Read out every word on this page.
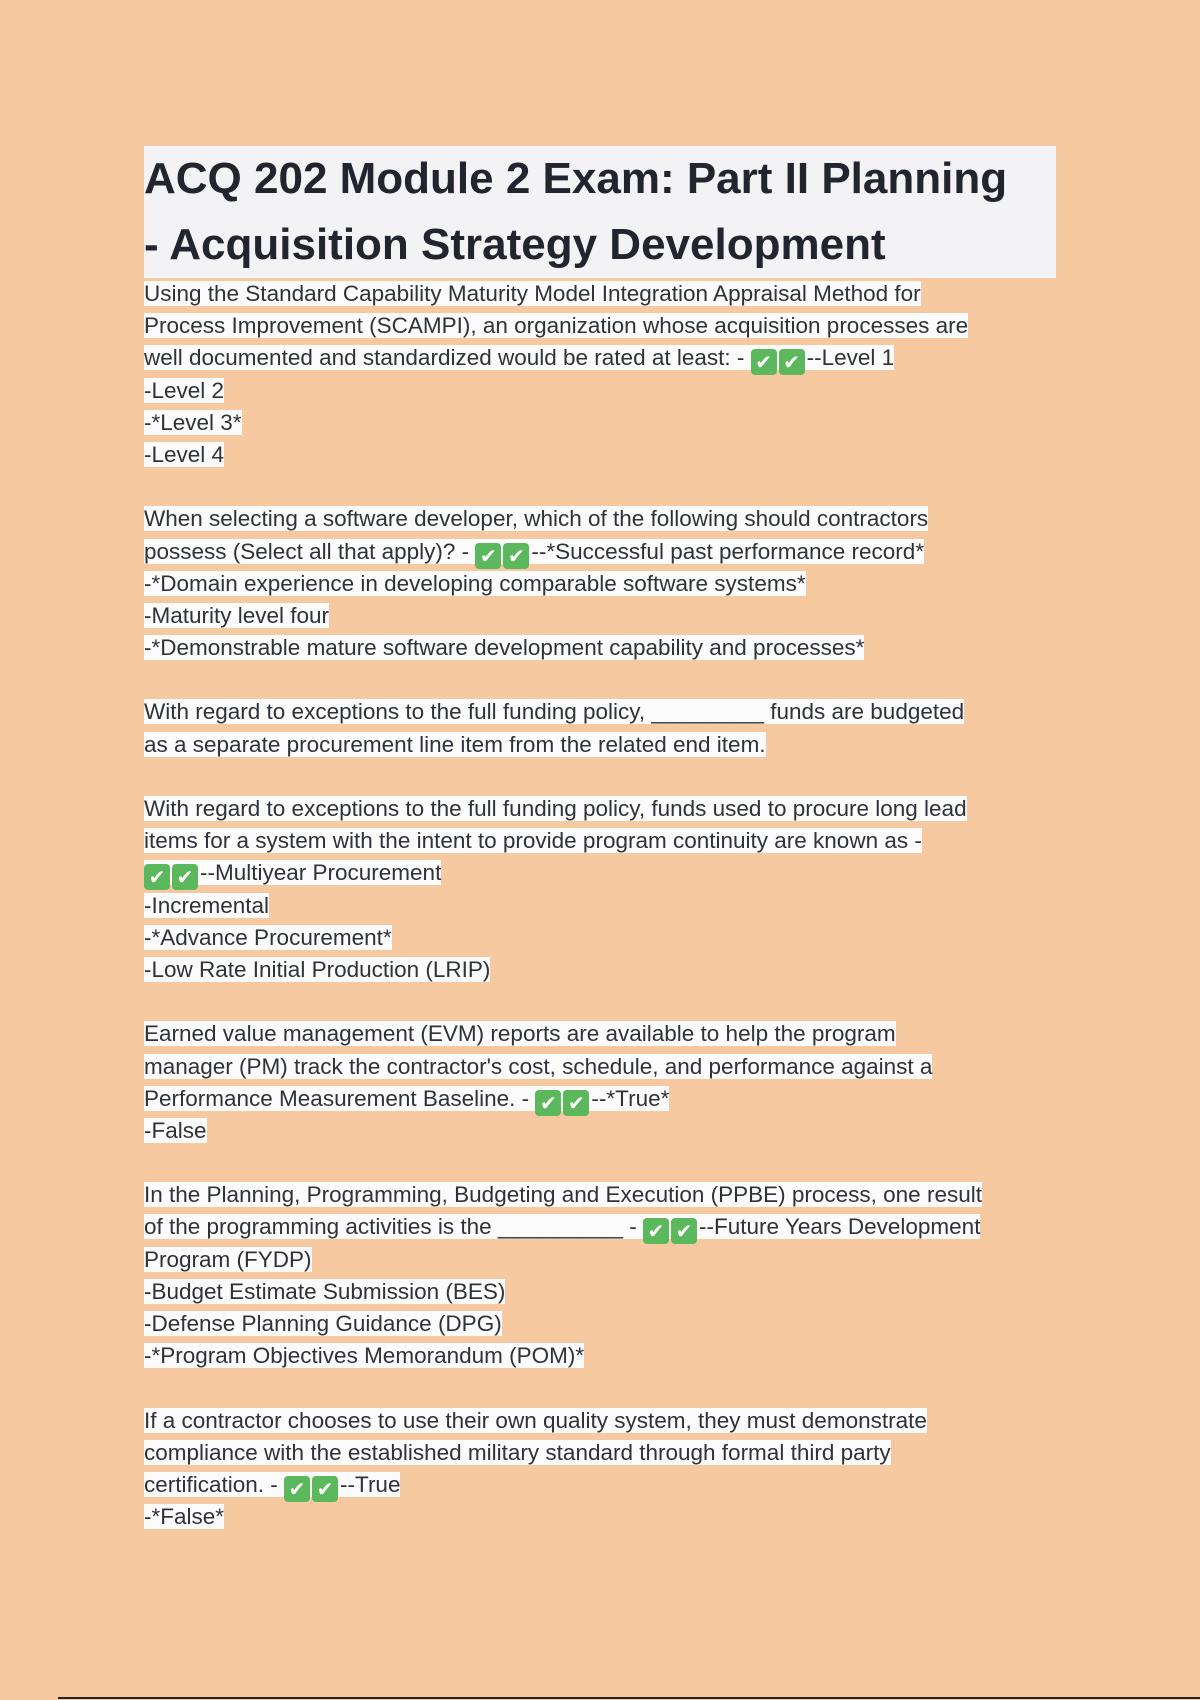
ACQ 202 Module 2 Exam: Part II Planning
- Acquisition Strategy Development
Using the Standard Capability Maturity Model Integration Appraisal Method for
Process Improvement (SCAMPI), an organization whose acquisition processes are
well documented and standardized would be rated at least: - ✔ ✔ --Level 1
-Level 2
-*Level 3*
-Level 4
When selecting a software developer, which of the following should contractors
possess (Select all that apply)? - ✔ ✔ --*Successful past performance record*
-*Domain experience in developing comparable software systems*
-Maturity level four
-*Demonstrable mature software development capability and processes*
With regard to exceptions to the full funding policy, _________ funds are budgeted
as a separate procurement line item from the related end item.
With regard to exceptions to the full funding policy, funds used to procure long lead
items for a system with the intent to provide program continuity are known as -
✔ ✔ --Multiyear Procurement
-Incremental
-*Advance Procurement*
-Low Rate Initial Production (LRIP)
Earned value management (EVM) reports are available to help the program
manager (PM) track the contractor's cost, schedule, and performance against a
Performance Measurement Baseline. - ✔ ✔ --*True*
-False
In the Planning, Programming, Budgeting and Execution (PPBE) process, one result
of the programming activities is the __________ - ✔ ✔ --Future Years Development
Program (FYDP)
-Budget Estimate Submission (BES)
-Defense Planning Guidance (DPG)
-*Program Objectives Memorandum (POM)*
If a contractor chooses to use their own quality system, they must demonstrate
compliance with the established military standard through formal third party
certification. - ✔ ✔ --True
-*False*
